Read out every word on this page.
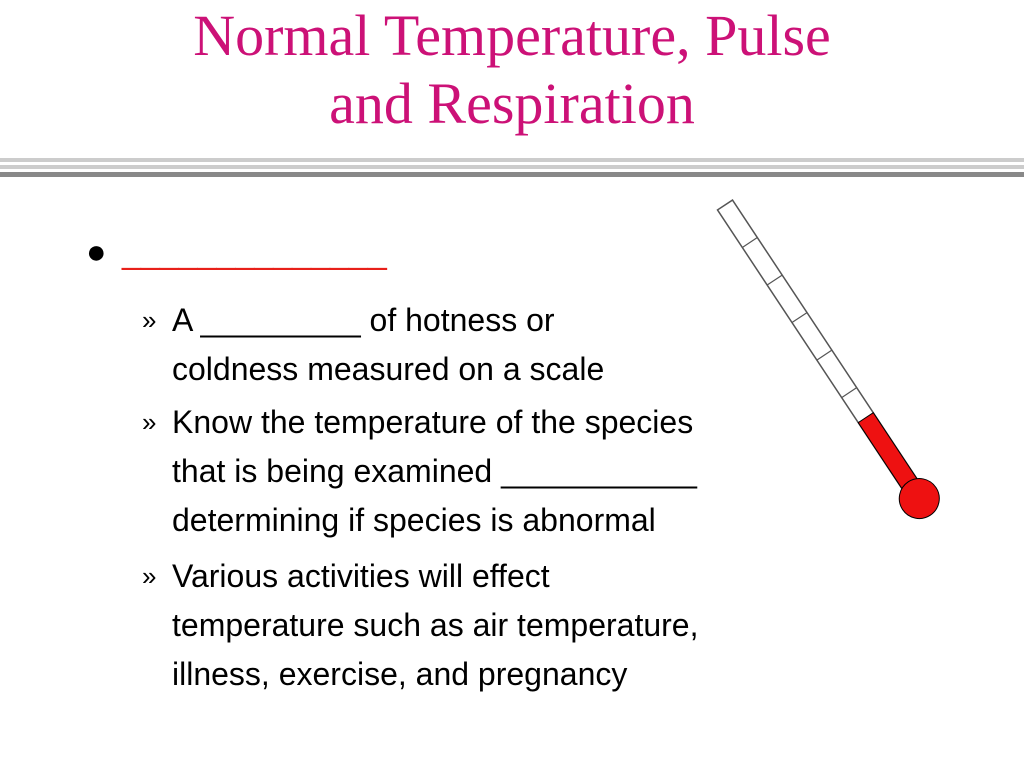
Normal Temperature, Pulse
and Respiration
● ______________
» A _________ of hotness or
coldness measured on a scale
» Know the temperature of the species
that is being examined ___________
determining if species is abnormal
» Various activities will effect
temperature such as air temperature,
illness, exercise, and pregnancy
